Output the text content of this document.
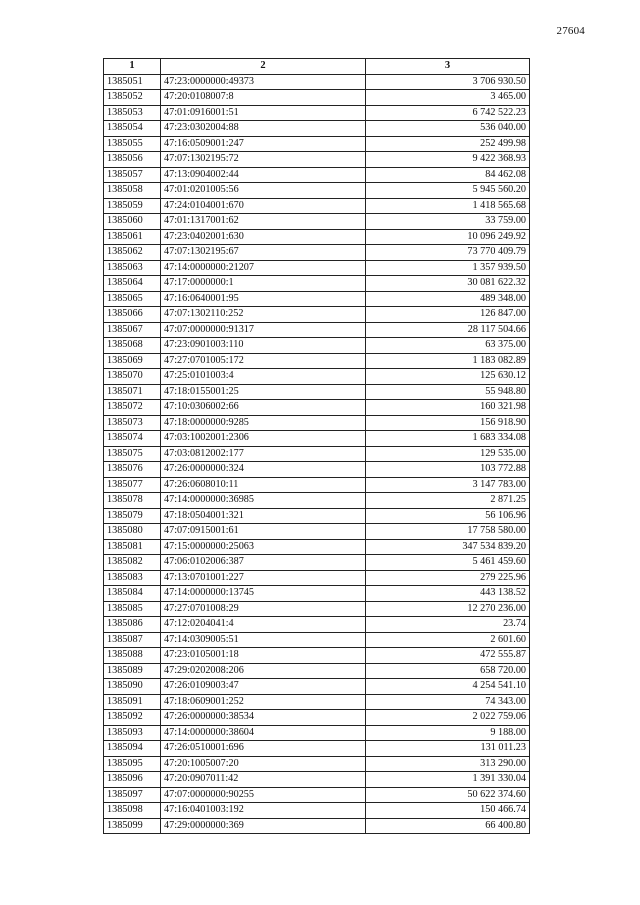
27604
1	2	3
1385051	47:23:0000000:49373	3 706 930.50
1385052	47:20:0108007:8	3 465.00
1385053	47:01:0916001:51	6 742 522.23
1385054	47:23:0302004:88	536 040.00
1385055	47:16:0509001:247	252 499.98
1385056	47:07:1302195:72	9 422 368.93
1385057	47:13:0904002:44	84 462.08
1385058	47:01:0201005:56	5 945 560.20
1385059	47:24:0104001:670	1 418 565.68
1385060	47:01:1317001:62	33 759.00
1385061	47:23:0402001:630	10 096 249.92
1385062	47:07:1302195:67	73 770 409.79
1385063	47:14:0000000:21207	1 357 939.50
1385064	47:17:0000000:1	30 081 622.32
1385065	47:16:0640001:95	489 348.00
1385066	47:07:1302110:252	126 847.00
1385067	47:07:0000000:91317	28 117 504.66
1385068	47:23:0901003:110	63 375.00
1385069	47:27:0701005:172	1 183 082.89
1385070	47:25:0101003:4	125 630.12
1385071	47:18:0155001:25	55 948.80
1385072	47:10:0306002:66	160 321.98
1385073	47:18:0000000:9285	156 918.90
1385074	47:03:1002001:2306	1 683 334.08
1385075	47:03:0812002:177	129 535.00
1385076	47:26:0000000:324	103 772.88
1385077	47:26:0608010:11	3 147 783.00
1385078	47:14:0000000:36985	2 871.25
1385079	47:18:0504001:321	56 106.96
1385080	47:07:0915001:61	17 758 580.00
1385081	47:15:0000000:25063	347 534 839.20
1385082	47:06:0102006:387	5 461 459.60
1385083	47:13:0701001:227	279 225.96
1385084	47:14:0000000:13745	443 138.52
1385085	47:27:0701008:29	12 270 236.00
1385086	47:12:0204041:4	23.74
1385087	47:14:0309005:51	2 601.60
1385088	47:23:0105001:18	472 555.87
1385089	47:29:0202008:206	658 720.00
1385090	47:26:0109003:47	4 254 541.10
1385091	47:18:0609001:252	74 343.00
1385092	47:26:0000000:38534	2 022 759.06
1385093	47:14:0000000:38604	9 188.00
1385094	47:26:0510001:696	131 011.23
1385095	47:20:1005007:20	313 290.00
1385096	47:20:0907011:42	1 391 330.04
1385097	47:07:0000000:90255	50 622 374.60
1385098	47:16:0401003:192	150 466.74
1385099	47:29:0000000:369	66 400.80
